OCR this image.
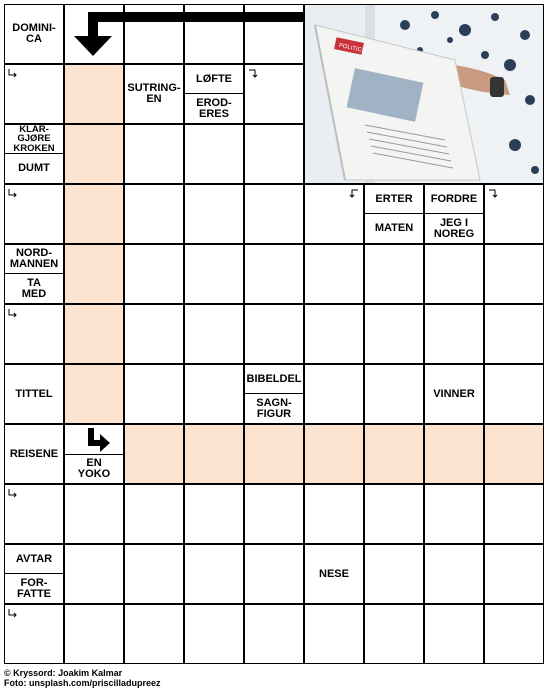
DOMINI-
CA
SUTRING-
EN
LØFTE
EROD-
ERES
KLAR-
GJØRE
KROKEN
DUMT
ERTER
MATEN
FORDRE
JEG I
NOREG
NORD-
MANNEN
TA
MED
TITTEL
BIBELDEL
SAGN-
FIGUR
VINNER
REISENE
EN
YOKO
AVTAR
FOR-
FATTE
NESE
POLITICS
© Kryssord: Joakim Kalmar
Foto: unsplash.com/priscilladupreez
